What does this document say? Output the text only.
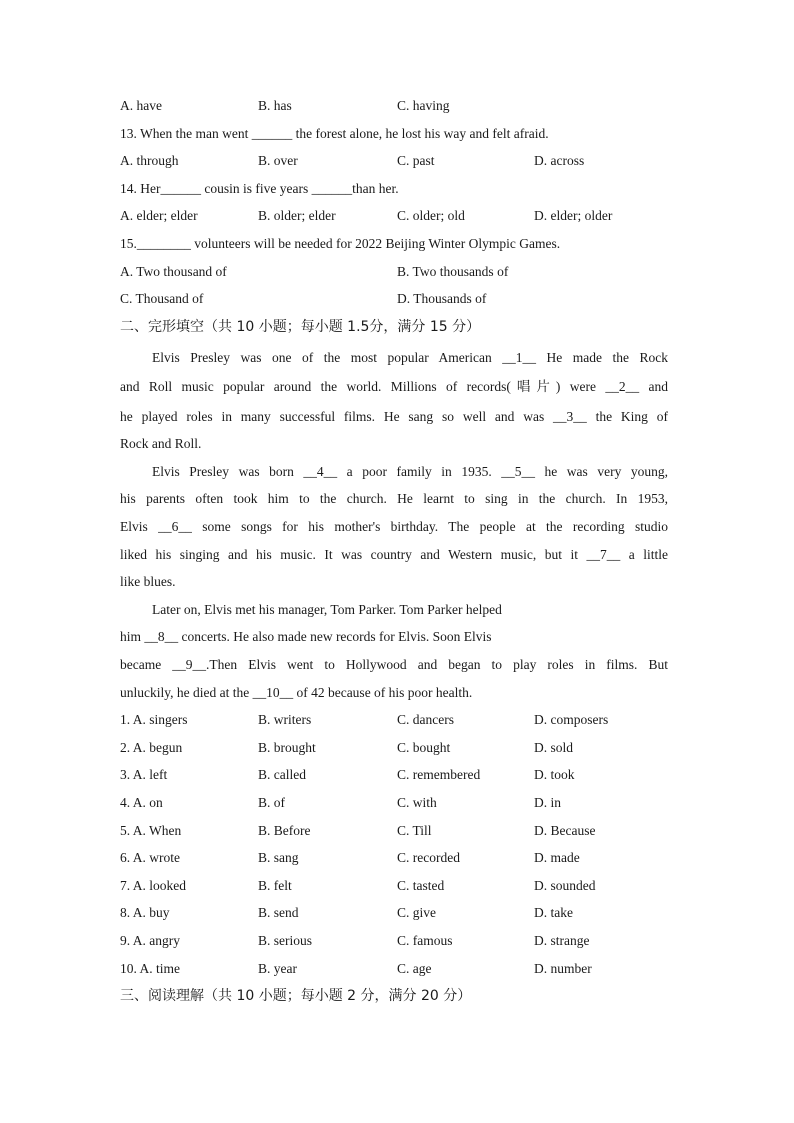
A. have	B. has	C. having
13. When the man went ______ the forest alone, he lost his way and felt afraid.
A. through	B. over	C. past	D. across
14. Her______ cousin is five years ______than her.
A. elder; elder	B. older; elder	C. older; old	D. elder; older
15.________ volunteers will be needed for 2022 Beijing Winter Olympic Games.
A. Two thousand of	B. Two thousands of
C. Thousand of	D. Thousands of
二、完形填空（共 10 小题；每小题 1.5分，满分 15 分）
Elvis Presley was one of the most popular American __1__ He made the Rock
and Roll music popular around the world. Millions of records(唱片) were __2__ and
he played roles in many successful films. He sang so well and was __3__ the King of
Rock and Roll.
Elvis Presley was born __4__ a poor family in 1935. __5__ he was very young,
his parents often took him to the church. He learnt to sing in the church. In 1953,
Elvis __6__ some songs for his mother's birthday. The people at the recording studio
liked his singing and his music. It was country and Western music, but it __7__ a little
like blues.
Later on, Elvis met his manager, Tom Parker. Tom Parker helped
him __8__ concerts. He also made new records for Elvis. Soon Elvis
became __9__.Then Elvis went to Hollywood and began to play roles in films. But
unluckily, he died at the __10__ of 42 because of his poor health.
1. A. singers	B. writers	C. dancers	D. composers
2. A. begun	B. brought	C. bought	D. sold
3. A. left	B. called	C. remembered	D. took
4. A. on	B. of	C. with	D. in
5. A. When	B. Before	C. Till	D. Because
6. A. wrote	B. sang	C. recorded	D. made
7. A. looked	B. felt	C. tasted	D. sounded
8. A. buy	B. send	C. give	D. take
9. A. angry	B. serious	C. famous	D. strange
10. A. time	B. year	C. age	D. number
三、阅读理解（共 10 小题；每小题 2 分，满分 20 分）
